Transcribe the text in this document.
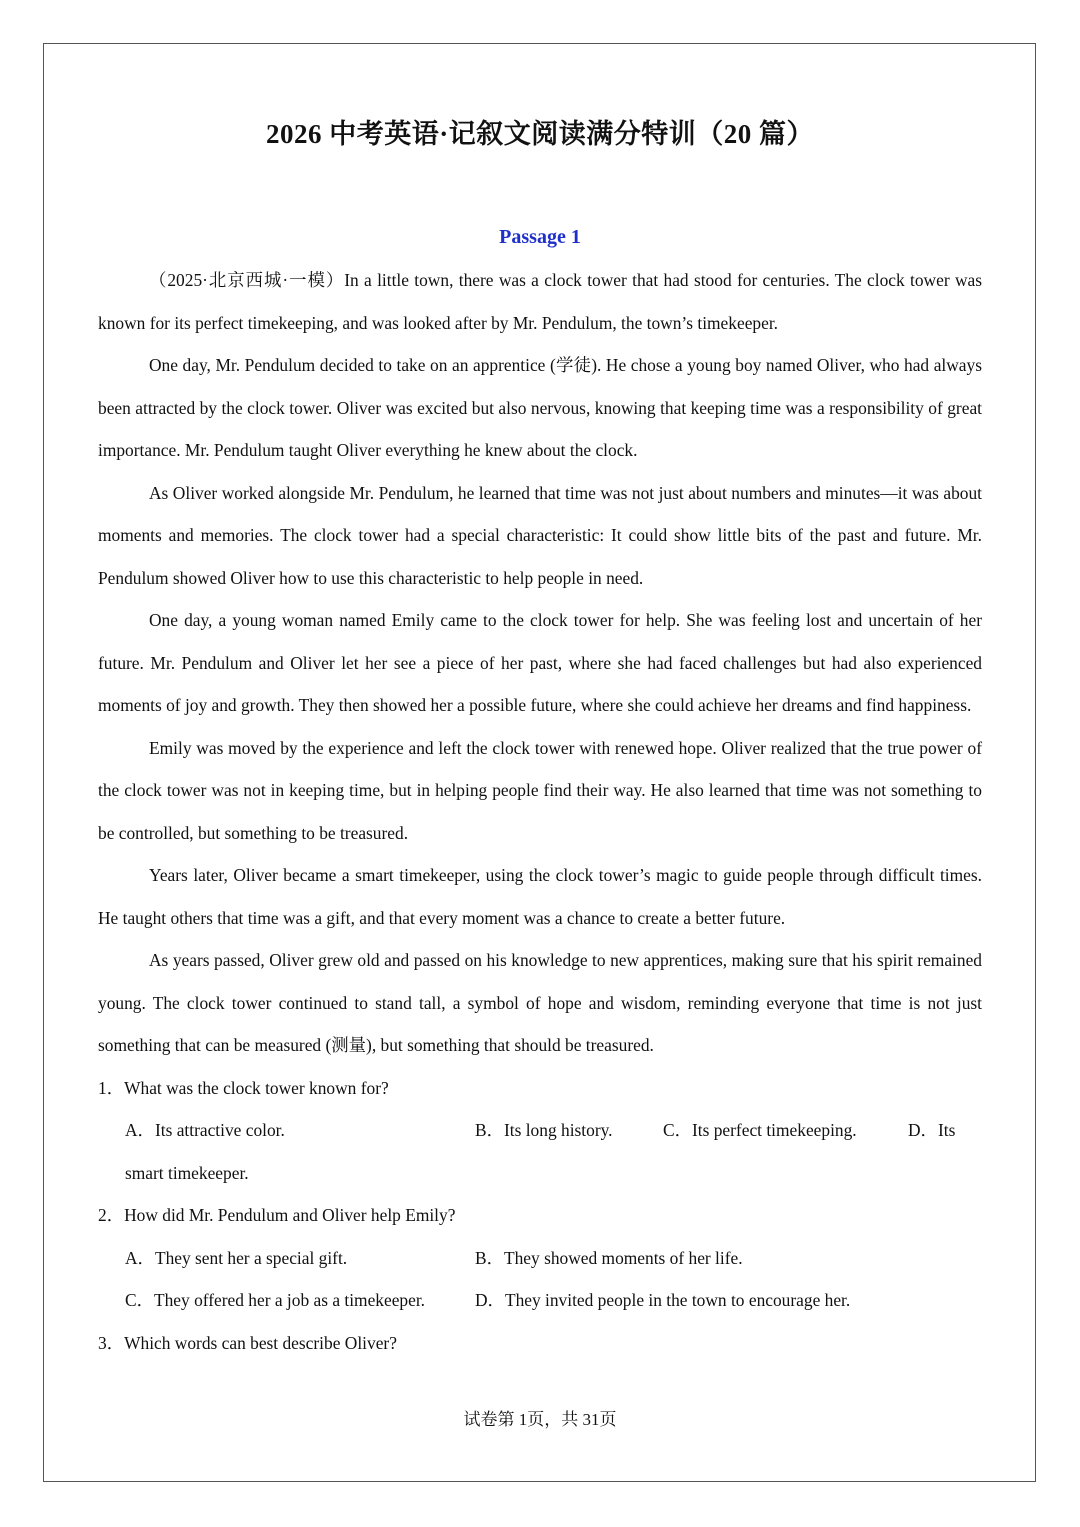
2026 中考英语·记叙文阅读满分特训（20 篇）
Passage 1

（2025·北京西城·一模）In a little town, there was a clock tower that had stood for centuries. The clock tower was known for its perfect timekeeping, and was looked after by Mr. Pendulum, the town’s timekeeper.

One day, Mr. Pendulum decided to take on an apprentice (学徒). He chose a young boy named Oliver, who had always been attracted by the clock tower. Oliver was excited but also nervous, knowing that keeping time was a responsibility of great importance. Mr. Pendulum taught Oliver everything he knew about the clock.

As Oliver worked alongside Mr. Pendulum, he learned that time was not just about numbers and minutes—it was about moments and memories. The clock tower had a special characteristic: It could show little bits of the past and future. Mr. Pendulum showed Oliver how to use this characteristic to help people in need.

One day, a young woman named Emily came to the clock tower for help. She was feeling lost and uncertain of her future. Mr. Pendulum and Oliver let her see a piece of her past, where she had faced challenges but had also experienced moments of joy and growth. They then showed her a possible future, where she could achieve her dreams and find happiness.

Emily was moved by the experience and left the clock tower with renewed hope. Oliver realized that the true power of the clock tower was not in keeping time, but in helping people find their way. He also learned that time was not something to be controlled, but something to be treasured.

Years later, Oliver became a smart timekeeper, using the clock tower’s magic to guide people through difficult times. He taught others that time was a gift, and that every moment was a chance to create a better future.

As years passed, Oliver grew old and passed on his knowledge to new apprentices, making sure that his spirit remained young. The clock tower continued to stand tall, a symbol of hope and wisdom, reminding everyone that time is not just something that can be measured (测量), but something that should be treasured.

1．What was the clock tower known for?

A．Its attractive color.	B．Its long history.	C．Its perfect timekeeping.	D．Its
smart timekeeper.

2．How did Mr. Pendulum and Oliver help Emily?

A．They sent her a special gift.	B．They showed moments of her life.
C．They offered her a job as a timekeeper.	D．They invited people in the town to encourage her.

3．Which words can best describe Oliver?

试卷第 1页，共 31页
